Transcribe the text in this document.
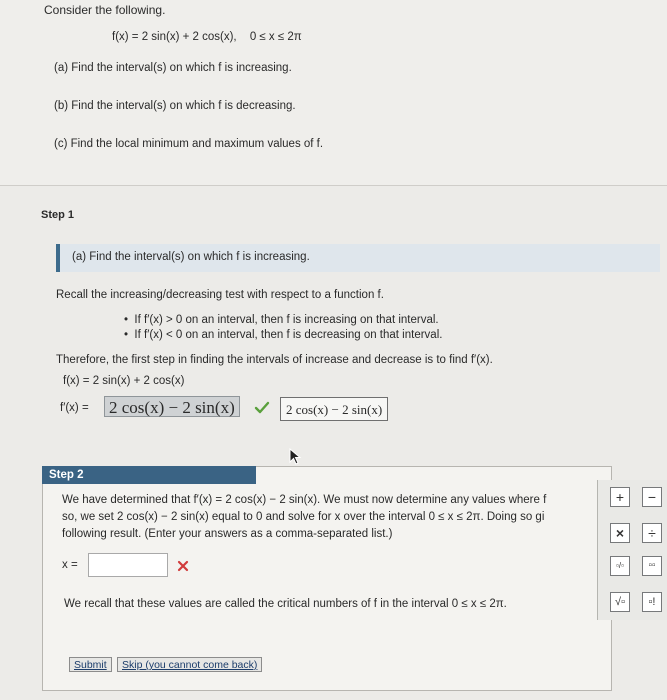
Consider the following.
f(x) = 2 sin(x) + 2 cos(x), 0 ≤ x ≤ 2π
(a) Find the interval(s) on which f is increasing.
(b) Find the interval(s) on which f is decreasing.
(c) Find the local minimum and maximum values of f.
Step 1
(a) Find the interval(s) on which f is increasing.
Recall the increasing/decreasing test with respect to a function f.
•  If f′(x) > 0 on an interval, then f is increasing on that interval.
•  If f′(x) < 0 on an interval, then f is decreasing on that interval.
Therefore, the first step in finding the intervals of increase and decrease is to find f′(x).
f(x) = 2 sin(x) + 2 cos(x)
f′(x) = 2 cos(x) − 2 sin(x)	2 cos(x) − 2 sin(x)
Step 2
We have determined that f′(x) = 2 cos(x) − 2 sin(x). We must now determine any values where f
so, we set 2 cos(x) − 2 sin(x) equal to 0 and solve for x over the interval 0 ≤ x ≤ 2π. Doing so gi
following result. (Enter your answers as a comma-separated list.)
x =
We recall that these values are called the critical numbers of f in the interval 0 ≤ x ≤ 2π.
Submit	Skip (you cannot come back)
+	−
×	÷
▫/▫	▫▫
√▫	▫!
